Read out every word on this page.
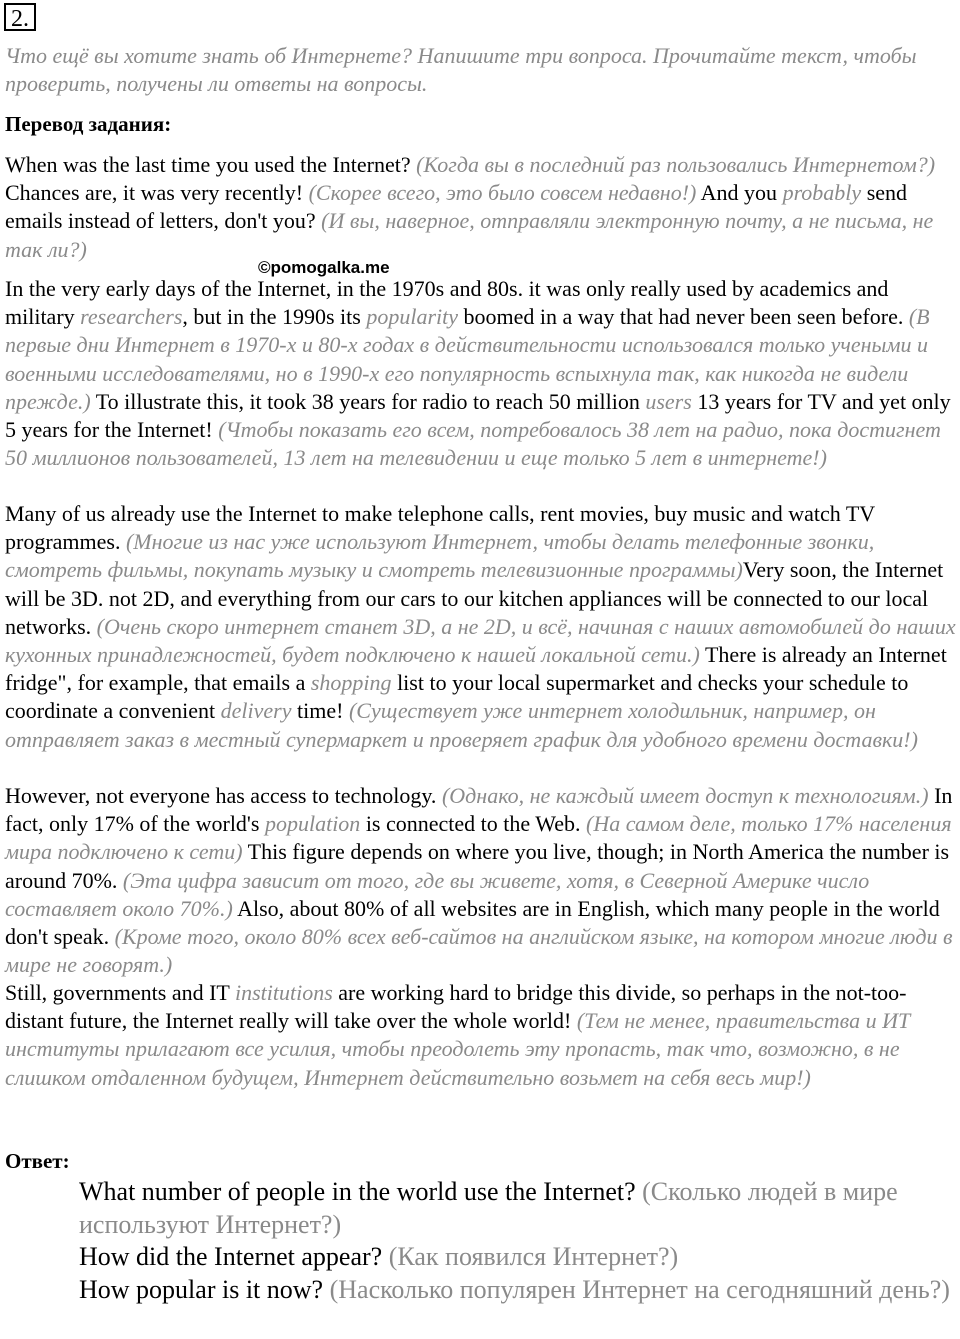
2.

Что ещё вы хотите знать об Интернете? Напишите три вопроса. Прочитайте текст, чтобы проверить, получены ли ответы на вопросы.

Перевод задания:

When was the last time you used the Internet? (Когда вы в последний раз пользовались Интернетом?) Chances are, it was very recently! (Скорее всего, это было совсем недавно!) And you probably send emails instead of letters, don't you? (И вы, наверное, отправляли электронную почту, а не письма, не так ли?)

©pomogalka.me

In the very early days of the Internet, in the 1970s and 80s. it was only really used by academics and military researchers, but in the 1990s its popularity boomed in a way that had never been seen before. (В первые дни Интернет в 1970-х и 80-х годах в действительности использовался только учеными и военными исследователями, но в 1990-х его популярность вспыхнула так, как никогда не видели прежде.) To illustrate this, it took 38 years for radio to reach 50 million users 13 years for TV and yet only 5 years for the Internet! (Чтобы показать его всем, потребовалось 38 лет на радио, пока достигнет 50 миллионов пользователей, 13 лет на телевидении и еще только 5 лет в интернете!)

Many of us already use the Internet to make telephone calls, rent movies, buy music and watch TV programmes. (Многие из нас уже используют Интернет, чтобы делать телефонные звонки, смотреть фильмы, покупать музыку и смотреть телевизионные программы)Very soon, the Internet will be 3D. not 2D, and everything from our cars to our kitchen appliances will be connected to our local networks. (Очень скоро интернет станет 3D, а не 2D, и всё, начиная с наших автомобилей до наших кухонных принадлежностей, будет подключено к нашей локальной сети.) There is already an Internet fridge", for example, that emails a shopping list to your local supermarket and checks your schedule to coordinate a convenient delivery time! (Существует уже интернет холодильник, например, он отправляет заказ в местный супермаркет и проверяет график для удобного времени доставки!)

However, not everyone has access to technology. (Однако, не каждый имеет доступ к технологиям.) In fact, only 17% of the world's population is connected to the Web. (На самом деле, только 17% населения мира подключено к сети) This figure depends on where you live, though; in North America the number is around 70%. (Эта цифра зависит от того, где вы живете, хотя, в Северной Америке число составляет около 70%.) Also, about 80% of all websites are in English, which many people in the world don't speak. (Кроме того, около 80% всех веб-сайтов на английском языке, на котором многие люди в мире не говорят.)

Still, governments and IT institutions are working hard to bridge this divide, so perhaps in the not-too-distant future, the Internet really will take over the whole world! (Тем не менее, правительства и ИТ институты прилагают все усилия, чтобы преодолеть эту пропасть, так что, возможно, в не слишком отдаленном будущем, Интернет действительно возьмет на себя весь мир!)

Ответ:

What number of people in the world use the Internet? (Сколько людей в мире используют Интернет?)
How did the Internet appear? (Как появился Интернет?)
How popular is it now? (Насколько популярен Интернет на сегодняшний день?)
